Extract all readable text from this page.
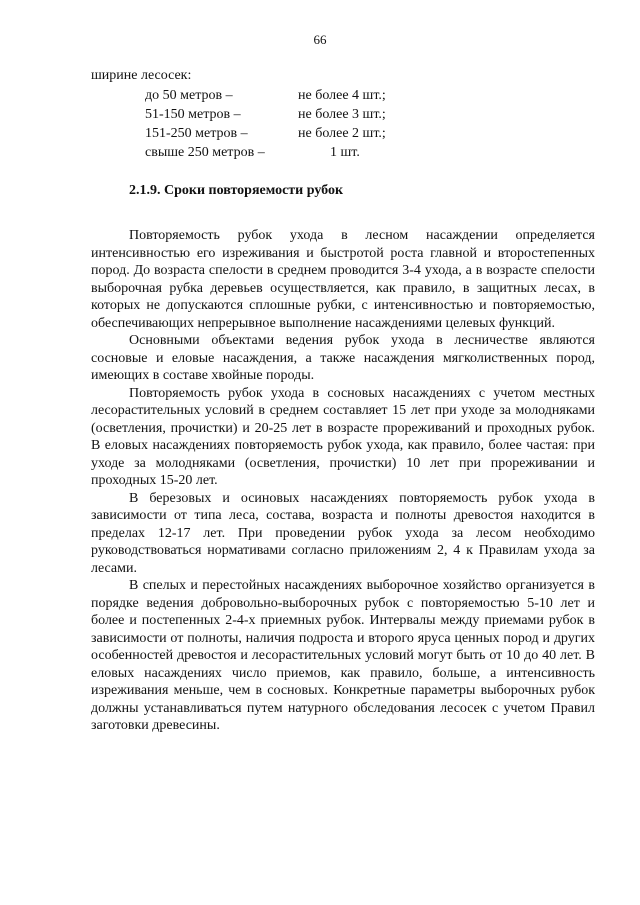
66
ширине лесосек:
до 50 метров –	не более 4 шт.;
51-150 метров –	не более 3 шт.;
151-250 метров –	не более 2 шт.;
свыше 250 метров –	1 шт.
2.1.9. Сроки повторяемости рубок

Повторяемость рубок ухода в лесном насаждении определяется интенсивностью его изреживания и быстротой роста главной и второстепенных пород. До возраста спелости в среднем проводится 3-4 ухода, а в возрасте спелости выборочная рубка деревьев осуществляется, как правило, в защитных лесах, в которых не допускаются сплошные рубки, с интенсивностью и повторяемостью, обеспечивающих непрерывное выполнение насаждениями целевых функций.

Основными объектами ведения рубок ухода в лесничестве являются сосновые и еловые насаждения, а также насаждения мягколиственных пород, имеющих в составе хвойные породы.

Повторяемость рубок ухода в сосновых насаждениях с учетом местных лесорастительных условий в среднем составляет 15 лет при уходе за молодняками (осветления, прочистки) и 20-25 лет в возрасте прореживаний и проходных рубок. В еловых насаждениях повторяемость рубок ухода, как правило, более частая: при уходе за молодняками (осветления, прочистки) 10 лет при прореживании и проходных 15-20 лет.

В березовых и осиновых насаждениях повторяемость рубок ухода в зависимости от типа леса, состава, возраста и полноты древостоя находится в пределах 12-17 лет. При проведении рубок ухода за лесом необходимо руководствоваться нормативами согласно приложениям 2, 4 к Правилам ухода за лесами.

В спелых и перестойных насаждениях выборочное хозяйство организуется в порядке ведения добровольно-выборочных рубок с повторяемостью 5-10 лет и более и постепенных 2-4-х приемных рубок. Интервалы между приемами рубок в зависимости от полноты, наличия подроста и второго яруса ценных пород и других особенностей древостоя и лесорастительных условий могут быть от 10 до 40 лет. В еловых насаждениях число приемов, как правило, больше, а интенсивность изреживания меньше, чем в сосновых. Конкретные параметры выборочных рубок должны устанавливаться путем натурного обследования лесосек с учетом Правил заготовки древесины.
